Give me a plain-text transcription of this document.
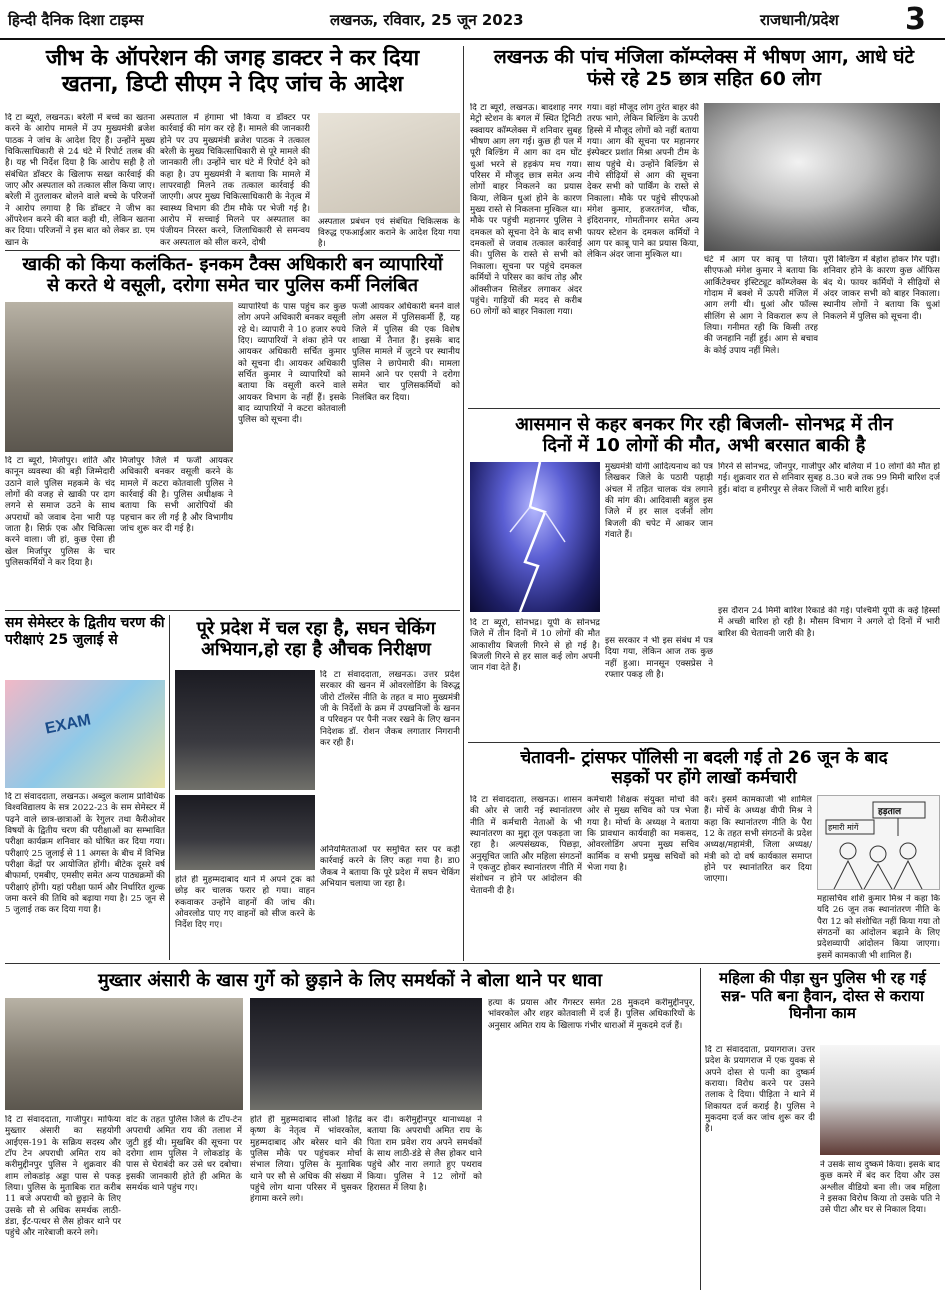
हिन्दी दैनिक दिशा टाइम्स	लखनऊ, रविवार, 25 जून 2023	राजधानी/प्रदेश 3
जीभ के ऑपरेशन की जगह डाक्टर ने कर दिया
खतना, डिप्टी सीएम ने दिए जांच के आदेश
दि टा ब्यूरो, लखनऊ। बरेली में बच्चे का खतना करने के आरोप मामले में उप मुख्यमंत्री ब्रजेश पाठक ने जांच के आदेश दिए हैं। उन्होंने मुख्य चिकित्साधिकारी से 24 घंटे में रिपोर्ट तलब की है। यह भी निर्देश दिया है कि आरोप सही है तो संबंधित डॉक्टर के खिलाफ सख्त कार्रवाई की जाए और अस्पताल को तत्काल सील किया जाए। बरेली में तुतलाकर बोलने वाले बच्चे के परिजनों ने आरोप लगाया है कि डॉक्टर ने जीभ का ऑपरेशन करने की बात कही थी, लेकिन खतना कर दिया। परिजनों ने इस बात को लेकर डा. एम खान के
अस्पताल में हंगामा भी किया व डॉक्टर पर कार्रवाई की मांग कर रहे हैं। मामले की जानकारी होने पर उप मुख्यमंत्री ब्रजेश पाठक ने तत्काल बरेली के मुख्य चिकित्साधिकारी से पूरे मामले की जानकारी ली। उन्होंने चार घंटे में रिपोर्ट देने को कहा है। उप मुख्यमंत्री ने बताया कि मामले में लापरवाही मिलने तक तत्काल कार्रवाई की जाएगी। अपर मुख्य चिकित्साधिकारी के नेतृत्व में स्वास्थ्य विभाग की टीम मौके पर भेजी गई है। आरोप में सच्चाई मिलने पर अस्पताल का पंजीयन निरस्त करने, जिलाधिकारी से समन्वय कर अस्पताल को सील करने, दोषी
अस्पताल प्रबंधन एवं संबंधित चिकित्सक के विरुद्ध एफआईआर कराने के आदेश दिया गया है।
खाकी को किया कलंकित- इनकम टैक्स अधिकारी बन व्यापारियों
से करते थे वसूली, दरोगा समेत चार पुलिस कर्मी निलंबित
व्यापारियों के पास पहुंच कर कुछ लोग अपने अधिकारी बनकर वसूली रहे थे। व्यापारी ने 10 हजार रुपये दिए। व्यापारियों ने शंका होने पर आयकर अधिकारी सर्चित कुमार को सूचना दी। आयकर अधिकारी सर्चित कुमार ने व्यापारियों को बताया कि वसूली करने वाले आयकर विभाग के नहीं हैं। इसके बाद व्यापारियों ने कटरा कोतवाली पुलिस को सूचना दी।
फर्जी आयकर अधिकारी बनने वाले लोग असल में पुलिसकर्मी हैं, यह जिले में पुलिस की एक विशेष शाखा में तैनात हैं। इसके बाद पुलिस मामले में जुटने पर स्थानीय पुलिस ने छापेमारी की। मामला सामने आने पर एसपी ने दरोगा समेत चार पुलिसकर्मियों को निलंबित कर दिया।
दि टा ब्यूरो, मिर्जापुर। शांति और कानून व्यवस्था की बड़ी जिम्मेदारी उठाने वाले पुलिस महकमे के चंद लोगों की वजह से खाकी पर दाग लगने से समाज उठने के साथ अपराधों को जवाब देना भारी पड़ जाता है। सिर्फ़ एक और चिकित्सा करने वाला। जी हां, कुछ ऐसा ही खेल मिर्जापुर पुलिस के चार पुलिसकर्मियों ने कर दिया है।
मिर्जापुर जिले में फर्जी आयकर अधिकारी बनकर वसूली करने के मामले में कटरा कोतवाली पुलिस ने कार्रवाई की है। पुलिस अधीक्षक ने बताया कि सभी आरोपियों की पहचान कर ली गई है और विभागीय जांच शुरू कर दी गई है।
सम सेमेस्टर के द्वितीय चरण की परीक्षाएं 25 जुलाई से
EXAM
दि टा संवाददाता, लखनऊ। अब्दुल कलाम प्राविधिक विश्वविद्यालय के सत्र 2022-23 के सम सेमेस्टर में पढ़ने वाले छात्र-छात्राओं के रेगुलर तथा कैरीओवर विषयों के द्वितीय चरण की परीक्षाओं का सम्भावित परीक्षा कार्यक्रम शनिवार को घोषित कर दिया गया। परीक्षाएं 25 जुलाई से 11 अगस्त के बीच में विभिन्न परीक्षा केंद्रों पर आयोजित होंगी। बीटेक दूसरे वर्ष बीफार्मा, एमबीए, एमसीए समेत अन्य पाठ्यक्रमों की परीक्षाएं होंगी। यहां परीक्षा फार्म और निर्धारित शुल्क जमा करने की तिथि को बढ़ाया गया है। 25 जून से 5 जुलाई तक कर दिया गया है।
पूरे प्रदेश में चल रहा है, सघन चेकिंग
अभियान,हो रहा है औचक निरीक्षण
दि टा संवाददाता, लखनऊ। उत्तर प्रदेश सरकार की खनन में ओवरलोडिंग के विरुद्ध जीरो टॉलरेंस नीति के तहत व मा0 मुख्यमंत्री जी के निर्देशों के क्रम में उपखनिजों के खनन व परिवहन पर पैनी नजर रखने के लिए खनन निदेशक डॉ. रोशन जैकब लगातार निगरानी कर रही हैं।
होते ही मुहम्मदाबाद थाने में अपने ट्रक को छोड़ कर चालक फरार हो गया। वाहन रुकवाकर उन्होंने वाहनों की जांच की। ओवरलोड पाए गए वाहनों को सीज करने के निर्देश दिए गए।
अनियमितताओं पर समुचित स्तर पर कड़ी कार्रवाई करने के लिए कहा गया है। डा0 जैकब ने बताया कि पूरे प्रदेश में सघन चेकिंग अभियान चलाया जा रहा है।
लखनऊ की पांच मंजिला कॉम्प्लेक्स में भीषण आग, आधे घंटे
फंसे रहे 25 छात्र सहित 60 लोग
दि टा ब्यूरो, लखनऊ। बादशाह नगर मेट्रो स्टेशन के बगल में स्थित ट्रिनिटी स्क्वायर कॉम्प्लेक्स में शनिवार सुबह भीषण आग लग गई। कुछ ही पल में पूरी बिल्डिंग में आग का दम घोंट धुआं भरने से हड़कंप मच गया। परिसर में मौजूद छात्र समेत अन्य लोगों बाहर निकलने का प्रयास किया, लेकिन धुआं होने के कारण मुख्य रास्ते से निकलना मुश्किल था। मौके पर पहुंची महानगर पुलिस ने दमकल को सूचना देने के बाद सभी दमकलों से जवाब तत्काल कार्रवाई की। पुलिस के रास्ते से सभी को निकाला। सूचना पर पहुंचे दमकल कर्मियों ने परिसर का कांच तोड़ और ऑक्सीजन सिलेंडर लगाकर अंदर पहुंचे। गाड़ियों की मदद से करीब 60 लोगों को बाहर निकाला गया।
गया। वहां मौजूद लोग तुरंत बाहर की तरफ भागे, लेकिन बिल्डिंग के ऊपरी हिस्से में मौजूद लोगों को नहीं बताया गया। आग की सूचना पर महानगर इंस्पेक्टर प्रशांत मिश्रा अपनी टीम के साथ पहुंचे थे। उन्होंने बिल्डिंग से नीचे सीढ़ियों से आग की सूचना देकर सभी को पार्किंग के रास्ते से निकाला। मौके पर पहुंचे सीएफओ मंगेश कुमार, हजरतगंज, चौक, इंदिरानगर, गोमतीनगर समेत अन्य फायर स्टेशन के दमकल कर्मियों ने आग पर काबू पाने का प्रयास किया, लेकिन अंदर जाना मुश्किल था।	घंटे में आग पर काबू पा लिया। सीएफओ मंगेश कुमार ने बताया कि आर्किटेक्चर इंस्टिट्यूट कॉम्प्लेक्स के गोदाम में बक्शे में ऊपरी मंजिल में आग लगी थी। धुआं और फॉल्स सीलिंग से आग ने विकराल रूप ले लिया। गनीमत रही कि किसी तरह की जनहानि नहीं हुई। आग से बचाव के कोई उपाय नहीं मिले।
पूरी बिल्डिंग में बेहोश होकर गिर पड़ी। शनिवार होने के कारण कुछ ऑफिस बंद थे। फायर कर्मियों ने सीढ़ियों से अंदर जाकर सभी को बाहर निकाला। स्थानीय लोगों ने बताया कि धुआं निकलने में पुलिस को सूचना दी।
आसमान से कहर बनकर गिर रही बिजली- सोनभद्र में तीन
दिनों में 10 लोगों की मौत, अभी बरसात बाकी है
दि टा ब्यूरो, सोनभद्र। यूपी के सोनभद्र जिले में तीन दिनों में 10 लोगों की मौत आकाशीय बिजली गिरने से हो गई है। बिजली गिरने से हर साल कई लोग अपनी जान गंवा देते हैं।
मुख्यमंत्री योगी आदित्यनाथ को पत्र लिखकर जिले के पठारी पहाड़ी अंचल में तड़ित चालक यंत्र लगाने की मांग की। आदिवासी बहुल इस जिले में हर साल दर्जनों लोग बिजली की चपेट में आकर जान गंवाते हैं।
इस सरकार ने भी इस संबंध में पत्र दिया गया, लेकिन आज तक कुछ नहीं हुआ। मानसून एक्सप्रेस ने रफ्तार पकड़ ली है।
गिरने से सोनभद्र, जौनपुर, गाजीपुर और बलिया में 10 लोगों की मौत हो गई। शुक्रवार रात से शनिवार सुबह 8.30 बजे तक 99 मिमी बारिश दर्ज हुई। बांदा व हमीरपुर से लेकर जिलों में भारी बारिश हुई।
इस दौरान 24 मिमी बारिश रिकार्ड की गई। पश्चिमी यूपी के कई हिस्सों में अच्छी बारिश हो रही है। मौसम विभाग ने अगले दो दिनों में भारी बारिश की चेतावनी जारी की है।
चेतावनी- ट्रांसफर पॉलिसी ना बदली गई तो 26 जून के बाद
सड़कों पर होंगे लाखों कर्मचारी
दि टा संवाददाता, लखनऊ। शासन की ओर से जारी नई स्थानांतरण नीति में कर्मचारी नेताओं के भी स्थानांतरण का मुद्दा तूल पकड़ता जा रहा है। अल्पसंख्यक, पिछड़ा, अनुसूचित जाति और महिला संगठनों ने एकजुट होकर स्थानांतरण नीति में संशोधन न होने पर आंदोलन की चेतावनी दी है।
कर्मचारी शिक्षक संयुक्त मोर्चा की ओर से मुख्य सचिव को पत्र भेजा गया है। मोर्चा के अध्यक्ष ने बताया कि प्रावधान कार्यवाही का मकसद, ओवरलोडिंग अपना मुख्य सचिव कार्मिक व सभी प्रमुख सचिवों को भेजा गया है।
करें। इसमें कामकाजी भी शामिल हैं। मोर्चे के अध्यक्ष वीपी मिश्र ने कहा कि स्थानांतरण नीति के पैरा 12 के तहत सभी संगठनों के प्रदेश अध्यक्ष/महामंत्री, जिला अध्यक्ष/मंत्री को दो वर्ष कार्यकाल समाप्त होने पर स्थानांतरित कर दिया जाएगा।
हड़ताल
हमारी मांगें
महासचिव शशि कुमार मिश्र ने कहा कि यदि 26 जून तक स्थानांतरण नीति के पैरा 12 को संशोधित नहीं किया गया तो संगठनों का आंदोलन बढ़ाने के लिए प्रदेशव्यापी आंदोलन किया जाएगा। इसमें कामकाजी भी शामिल हैं।
मुख्तार अंसारी के खास गुर्गे को छुड़ाने के लिए समर्थकों ने बोला थाने पर धावा
दि टा संवाददाता, गाजीपुर। माफिया मुख्तार अंसारी का सहयोगी आईएस-191 के सक्रिय सदस्य और टॉप टेन अपराधी अमित राय को करीमुद्दीनपुर पुलिस ने शुक्रवार की शाम लोकडांड़ अड्डा पास से पकड़ लिया। पुलिस के मुताबिक रात करीब 11 बजे अपराधी को छुड़ाने के लिए उसके सौ से अधिक समर्थक लाठी-डंडा, ईंट-पत्थर से लैस होकर थाने पर पहुंचे और नारेबाजी करने लगे।
वांट के तहत पुलिस जिले के टॉप-टेन अपराधी अमित राय की तलाश में जुटी हुई थी। मुखबिर की सूचना पर दरोगा शाम पुलिस ने लोकडांड़ के पास से घेराबंदी कर उसे धर दबोचा। इसकी जानकारी होते ही अमित के समर्थक थाने पहुंच गए।
होते ही मुहम्मदाबाद सीओ हितेंद्र कृष्ण के नेतृत्व में भांवरकोल, मुहम्मदाबाद और बरेसर थाने की पुलिस मौके पर पहुंचकर मोर्चा संभाल लिया। पुलिस के मुताबिक थाने पर सौ से अधिक की संख्या में पहुंचे लोग थाना परिसर में घुसकर हंगामा करने लगे।
कर दी। करीमुद्दीनपुर थानाध्यक्ष ने बताया कि अपराधी अमित राय के पिता राम प्रवेश राय अपने समर्थकों के साथ लाठी-डंडे से लैस होकर थाने पहुंचे और नारा लगाते हुए पथराव किया। पुलिस ने 12 लोगों को हिरासत में लिया है।
हत्या के प्रयास और गैंगस्टर समेत 28 मुकदमे करीमुद्दीनपुर, भांवरकोल और शहर कोतवाली में दर्ज हैं। पुलिस अधिकारियों के अनुसार अमित राय के खिलाफ गंभीर धाराओं में मुकदमे दर्ज हैं।
महिला की पीड़ा सुन पुलिस भी रह गई सन्न- पति बना हैवान, दोस्त से कराया घिनौना काम
दि टा संवाददाता, प्रयागराज। उत्तर प्रदेश के प्रयागराज में एक युवक से अपने दोस्त से पत्नी का दुष्कर्म कराया। विरोध करने पर उसने तलाक दे दिया। पीड़िता ने थाने में शिकायत दर्ज कराई है। पुलिस ने मुकदमा दर्ज कर जांच शुरू कर दी है।
ने उसके साथ दुष्कर्म किया। इसके बाद कुछ कमरे में बंद कर दिया और उस अश्लील वीडियो बना ली। जब महिला ने इसका विरोध किया तो उसके पति ने उसे पीटा और घर से निकाल दिया।
